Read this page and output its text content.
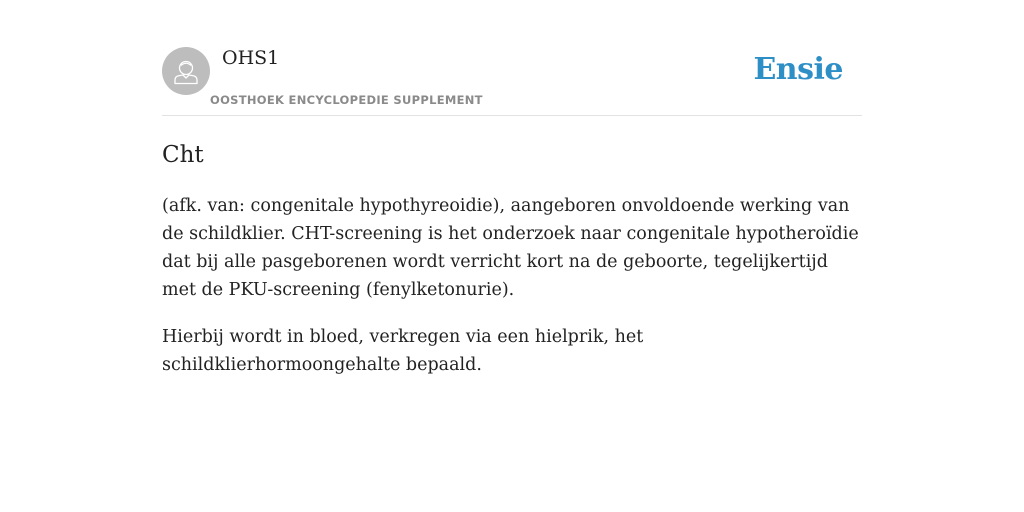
OHS1
OOSTHOEK ENCYCLOPEDIE SUPPLEMENT
Ensie
Cht

(afk. van: congenitale hypothyreoidie), aangeboren onvoldoende werking van de schildklier. CHT-screening is het onderzoek naar congenitale hypotheroïdie dat bij alle pasgeborenen wordt verricht kort na de geboorte, tegelijkertijd met de PKU-screening (fenylketonurie).

Hierbij wordt in bloed, verkregen via een hielprik, het schildklierhormoongehalte bepaald.
